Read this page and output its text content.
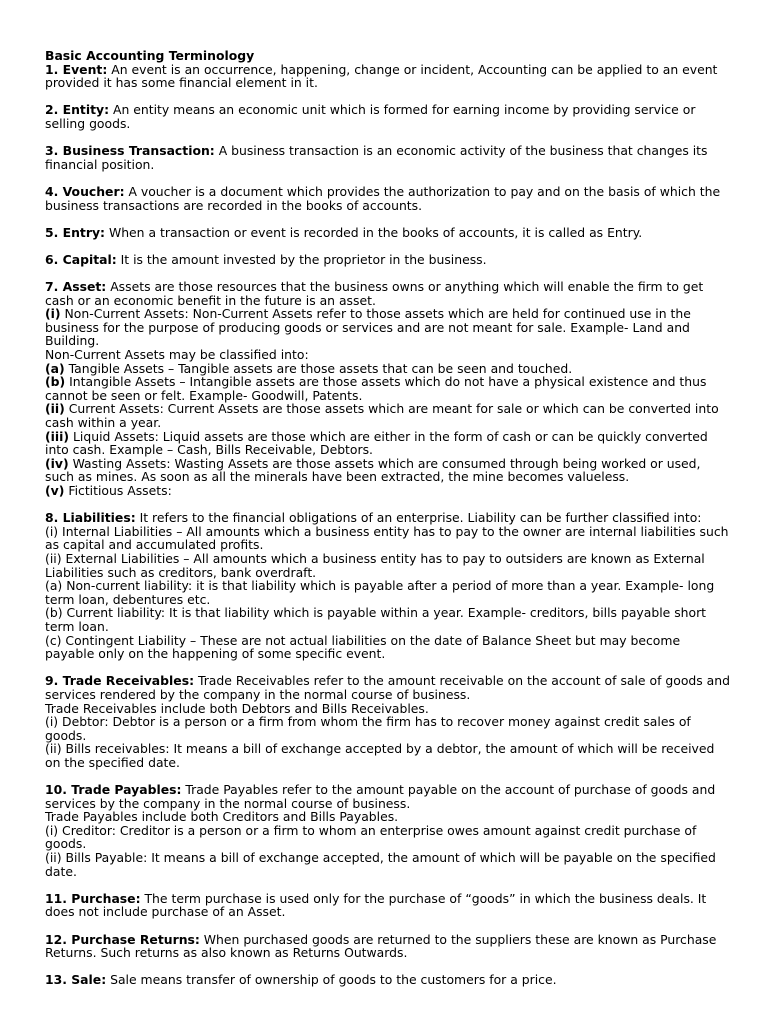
Basic Accounting Terminology

1. Event: An event is an occurrence, happening, change or incident, Accounting can be applied to an event provided it has some financial element in it.

2. Entity: An entity means an economic unit which is formed for earning income by providing service or selling goods.

3. Business Transaction: A business transaction is an economic activity of the business that changes its financial position.

4. Voucher: A voucher is a document which provides the authorization to pay and on the basis of which the business transactions are recorded in the books of accounts.

5. Entry: When a transaction or event is recorded in the books of accounts, it is called as Entry.

6. Capital: It is the amount invested by the proprietor in the business.

7. Asset: Assets are those resources that the business owns or anything which will enable the firm to get cash or an economic benefit in the future is an asset.
(i) Non-Current Assets: Non-Current Assets refer to those assets which are held for continued use in the business for the purpose of producing goods or services and are not meant for sale. Example- Land and Building.
Non-Current Assets may be classified into:
(a) Tangible Assets – Tangible assets are those assets that can be seen and touched.
(b) Intangible Assets – Intangible assets are those assets which do not have a physical existence and thus cannot be seen or felt. Example- Goodwill, Patents.
(ii) Current Assets: Current Assets are those assets which are meant for sale or which can be converted into cash within a year.
(iii) Liquid Assets: Liquid assets are those which are either in the form of cash or can be quickly converted into cash. Example – Cash, Bills Receivable, Debtors.
(iv) Wasting Assets: Wasting Assets are those assets which are consumed through being worked or used, such as mines. As soon as all the minerals have been extracted, the mine becomes valueless.
(v) Fictitious Assets:
8. Liabilities: It refers to the financial obligations of an enterprise. Liability can be further classified into:
(i) Internal Liabilities – All amounts which a business entity has to pay to the owner are internal liabilities such as capital and accumulated profits.
(ii) External Liabilities – All amounts which a business entity has to pay to outsiders are known as External Liabilities such as creditors, bank overdraft.
(a) Non-current liability: it is that liability which is payable after a period of more than a year. Example- long term loan, debentures etc.
(b) Current liability: It is that liability which is payable within a year. Example- creditors, bills payable short term loan.
(c) Contingent Liability – These are not actual liabilities on the date of Balance Sheet but may become payable only on the happening of some specific event.
9. Trade Receivables: Trade Receivables refer to the amount receivable on the account of sale of goods and services rendered by the company in the normal course of business.
Trade Receivables include both Debtors and Bills Receivables.
(i) Debtor: Debtor is a person or a firm from whom the firm has to recover money against credit sales of goods.
(ii) Bills receivables: It means a bill of exchange accepted by a debtor, the amount of which will be received on the specified date.
10. Trade Payables: Trade Payables refer to the amount payable on the account of purchase of goods and services by the company in the normal course of business.
Trade Payables include both Creditors and Bills Payables.
(i) Creditor: Creditor is a person or a firm to whom an enterprise owes amount against credit purchase of goods.
(ii) Bills Payable: It means a bill of exchange accepted, the amount of which will be payable on the specified date.

11. Purchase: The term purchase is used only for the purchase of “goods” in which the business deals. It does not include purchase of an Asset.

12. Purchase Returns: When purchased goods are returned to the suppliers these are known as Purchase Returns. Such returns as also known as Returns Outwards.

13. Sale: Sale means transfer of ownership of goods to the customers for a price.
